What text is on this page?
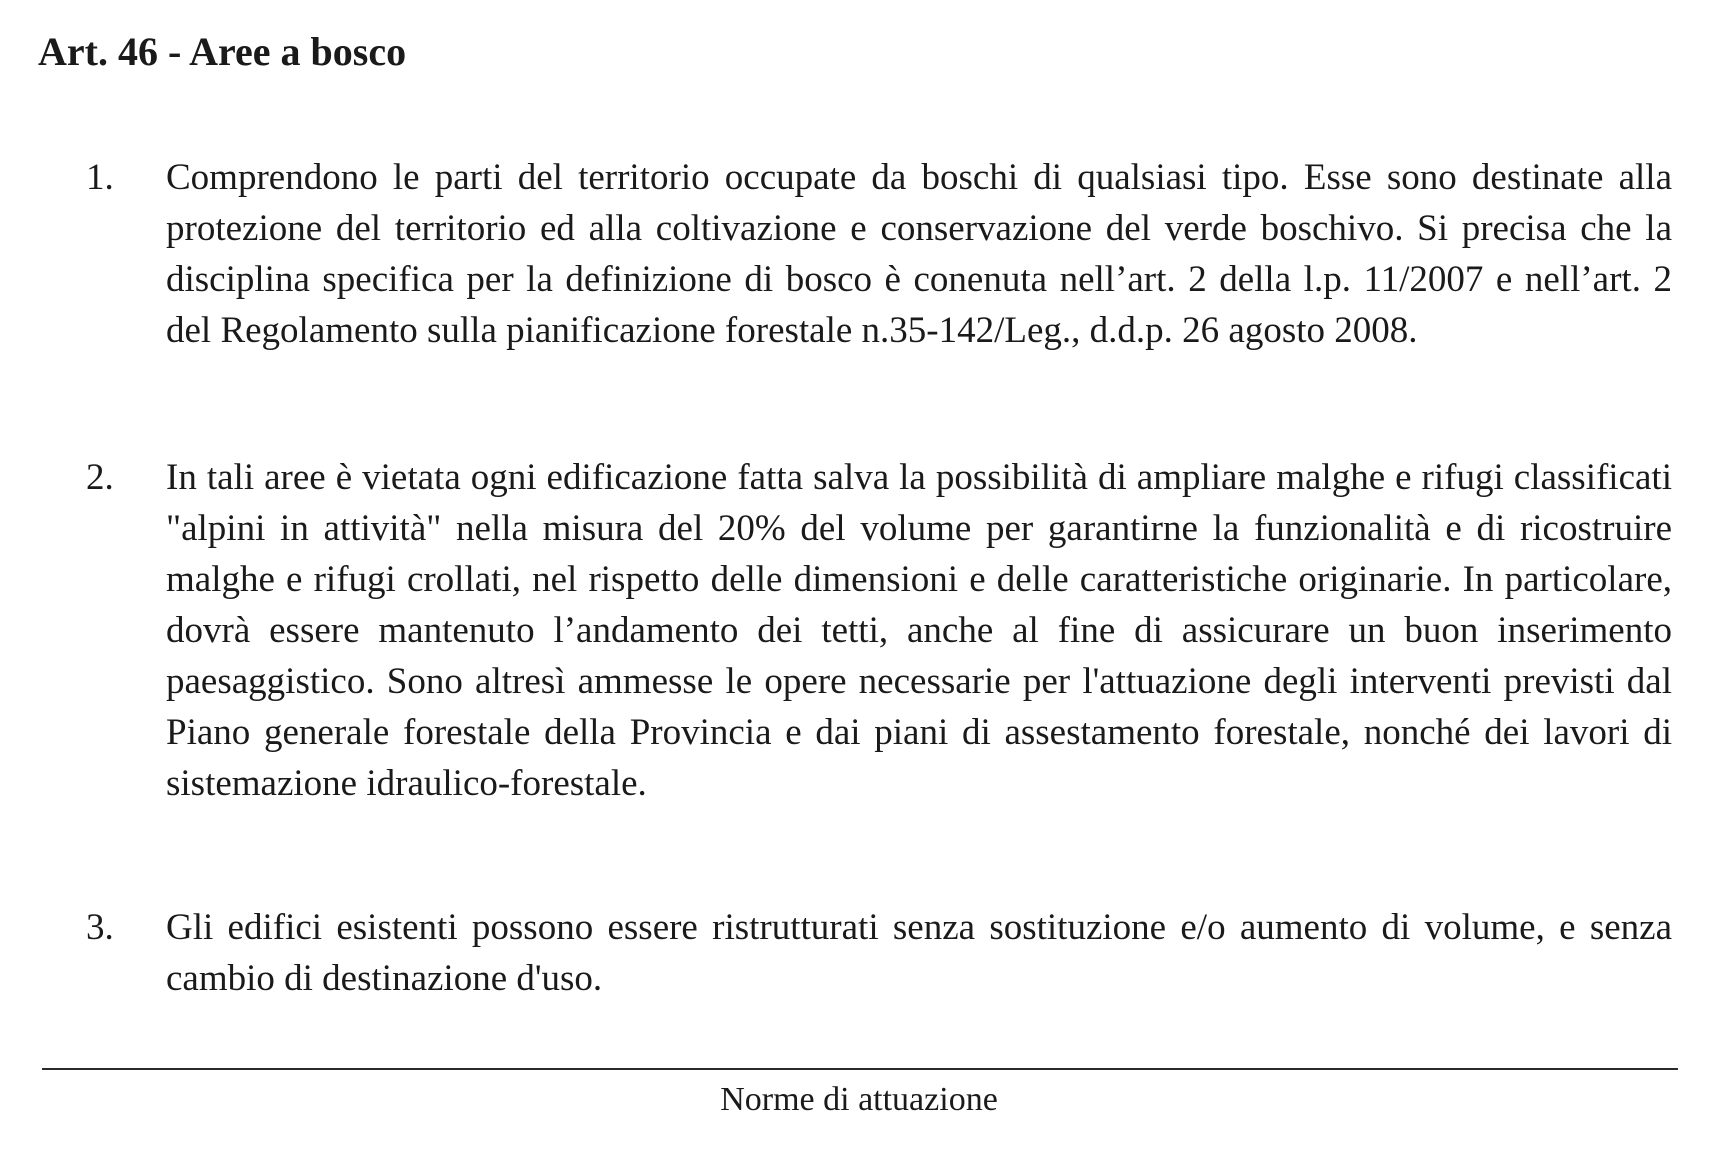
Art. 46 - Aree a bosco
1. Comprendono le parti del territorio occupate da boschi di qualsiasi tipo. Esse sono destinate alla protezione del territorio ed alla coltivazione e conservazione del verde boschivo. Si precisa che la disciplina specifica per la definizione di bosco è conenuta nell’art. 2 della l.p. 11/2007 e nell’art. 2 del Regolamento sulla pianificazione forestale n.35-142/Leg., d.d.p. 26 agosto 2008.

2. In tali aree è vietata ogni edificazione fatta salva la possibilità di ampliare malghe e rifugi classificati "alpini in attività" nella misura del 20% del volume per garantirne la funzionalità e di ricostruire malghe e rifugi crollati, nel rispetto delle dimensioni e delle caratteristiche originarie. In particolare, dovrà essere mantenuto l’andamento dei tetti, anche al fine di assicurare un buon inserimento paesaggistico. Sono altresì ammesse le opere necessarie per l'attuazione degli interventi previsti dal Piano generale forestale della Provincia e dai piani di assestamento forestale, nonché dei lavori di sistemazione idraulico-forestale.

3. Gli edifici esistenti possono essere ristrutturati senza sostituzione e/o aumento di volume, e senza cambio di destinazione d'uso.

Norme di attuazione
